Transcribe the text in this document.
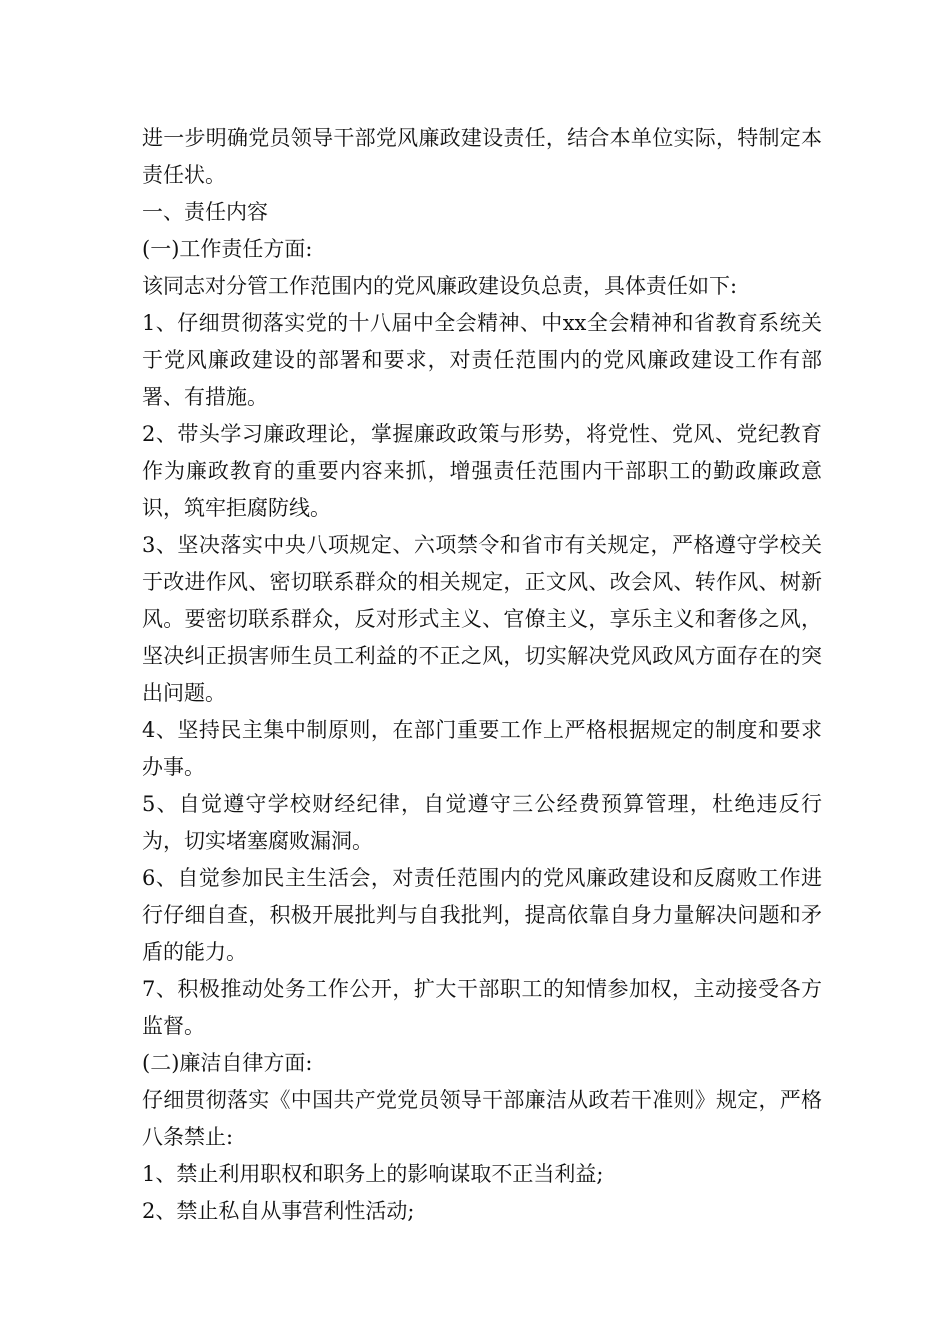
进一步明确党员领导干部党风廉政建设责任，结合本单位实际，特制定本责任状。

一、责任内容

(一)工作责任方面:

该同志对分管工作范围内的党风廉政建设负总责，具体责任如下:

1、仔细贯彻落实党的十八届中全会精神、中xx全会精神和省教育系统关于党风廉政建设的部署和要求，对责任范围内的党风廉政建设工作有部署、有措施。

2、带头学习廉政理论，掌握廉政政策与形势，将党性、党风、党纪教育作为廉政教育的重要内容来抓，增强责任范围内干部职工的勤政廉政意识，筑牢拒腐防线。

3、坚决落实中央八项规定、六项禁令和省市有关规定，严格遵守学校关于改进作风、密切联系群众的相关规定，正文风、改会风、转作风、树新风。要密切联系群众，反对形式主义、官僚主义，享乐主义和奢侈之风，坚决纠正损害师生员工利益的不正之风，切实解决党风政风方面存在的突出问题。

4、坚持民主集中制原则，在部门重要工作上严格根据规定的制度和要求办事。

5、自觉遵守学校财经纪律，自觉遵守三公经费预算管理，杜绝违反行为，切实堵塞腐败漏洞。

6、自觉参加民主生活会，对责任范围内的党风廉政建设和反腐败工作进行仔细自查，积极开展批判与自我批判，提高依靠自身力量解决问题和矛盾的能力。

7、积极推动处务工作公开，扩大干部职工的知情参加权，主动接受各方监督。

(二)廉洁自律方面:

仔细贯彻落实《中国共产党党员领导干部廉洁从政若干准则》规定，严格八条禁止:

1、禁止利用职权和职务上的影响谋取不正当利益;

2、禁止私自从事营利性活动;
